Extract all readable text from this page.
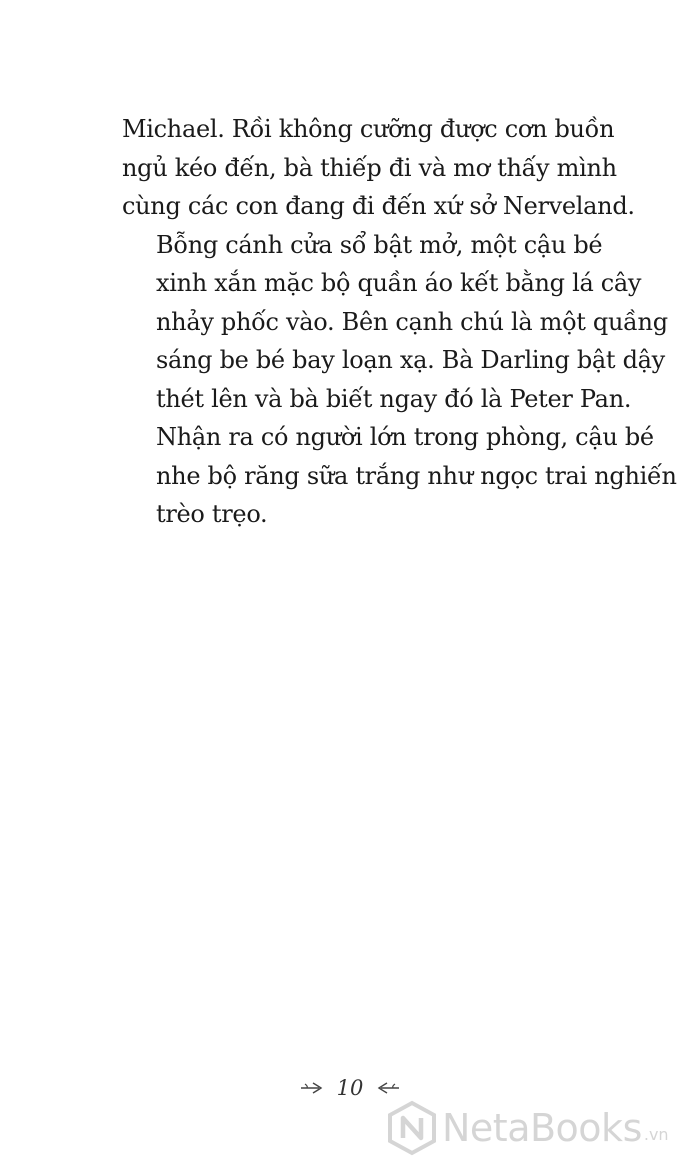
Michael. Rồi không cưỡng được cơn buồn
ngủ kéo đến, bà thiếp đi và mơ thấy mình
cùng các con đang đi đến xứ sở Nerveland.

Bỗng cánh cửa sổ bật mở, một cậu bé
xinh xắn mặc bộ quần áo kết bằng lá cây
nhảy phốc vào. Bên cạnh chú là một quầng
sáng be bé bay loạn xạ. Bà Darling bật dậy
thét lên và bà biết ngay đó là Peter Pan.
Nhận ra có người lớn trong phòng, cậu bé
nhe bộ răng sữa trắng như ngọc trai nghiến
trèo trẹo.

10
NetaBooks .vn
